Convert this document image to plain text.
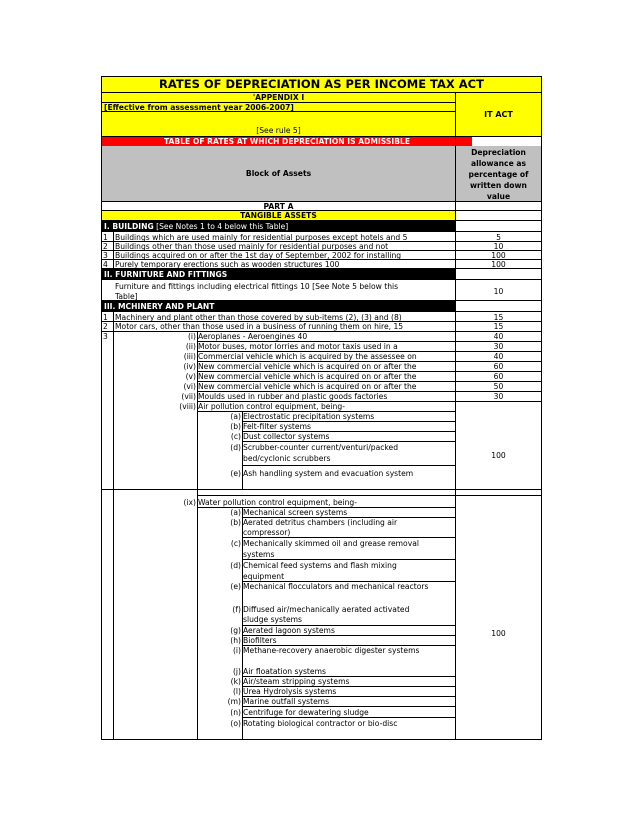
RATES OF DEPRECIATION AS PER INCOME TAX ACT
'APPENDIX I
[Effective from assessment year 2006-2007]
[See rule 5]
IT ACT
TABLE OF RATES AT WHICH DEPRECIATION IS ADMISSIBLE
Block of Assets
Depreciation
allowance as
percentage of
written down
value
PART A
TANGIBLE ASSETS
I. BUILDING [See Notes 1 to 4 below this Table]
1 Buildings which are used mainly for residential purposes except hotels and 5	5
2 Buildings other than those used mainly for residential purposes and not	10
3 Buildings acquired on or after the 1st day of September, 2002 for installing	100
4 Purely temporary erections such as wooden structures 100	100
II. FURNITURE AND FITTINGS
Furniture and fittings including electrical fittings 10 [See Note 5 below this
Table]
10
III. MCHINERY AND PLANT
1 Machinery and plant other than those covered by sub-items (2), (3) and (8)	15
2 Motor cars, other than those used in a business of running them on hire, 15	15
3	(i) Aeroplanes - Aeroengines 40	40
(ii) Motor buses, motor lorries and motor taxis used in a	30
(iii) Commercial vehicle which is acquired by the assessee on	40
(iv) New commercial vehicle which is acquired on or after the	60
(v) New commercial vehicle which is acquired on or after the	60
(vi) New commercial vehicle which is acquired on or after the	50
(vii) Moulds used in rubber and plastic goods factories	30
(viii) Air pollution control equipment, being-
(a) Electrostatic precipitation systems
(b) Felt-filter systems
(c) Dust collector systems
(d) Scrubber-counter current/venturi/packed
bed/cyclonic scrubbers
(e) Ash handling system and evacuation system
100
(ix) Water pollution control equipment, being-
(a) Mechanical screen systems
(b) Aerated detritus chambers (including air
compressor)
(c) Mechanically skimmed oil and grease removal
systems
(d) Chemical feed systems and flash mixing
equipment
(e) Mechanical flocculators and mechanical reactors
(f) Diffused air/mechanically aerated activated
sludge systems
(g) Aerated lagoon systems
(h) Biofilters
(i) Methane-recovery anaerobic digester systems
(j) Air floatation systems
(k) Air/steam stripping systems
(l) Urea Hydrolysis systems
(m) Marine outfall systems
(n) Centrifuge for dewatering sludge
(o) Rotating biological contractor or bio-disc
100
